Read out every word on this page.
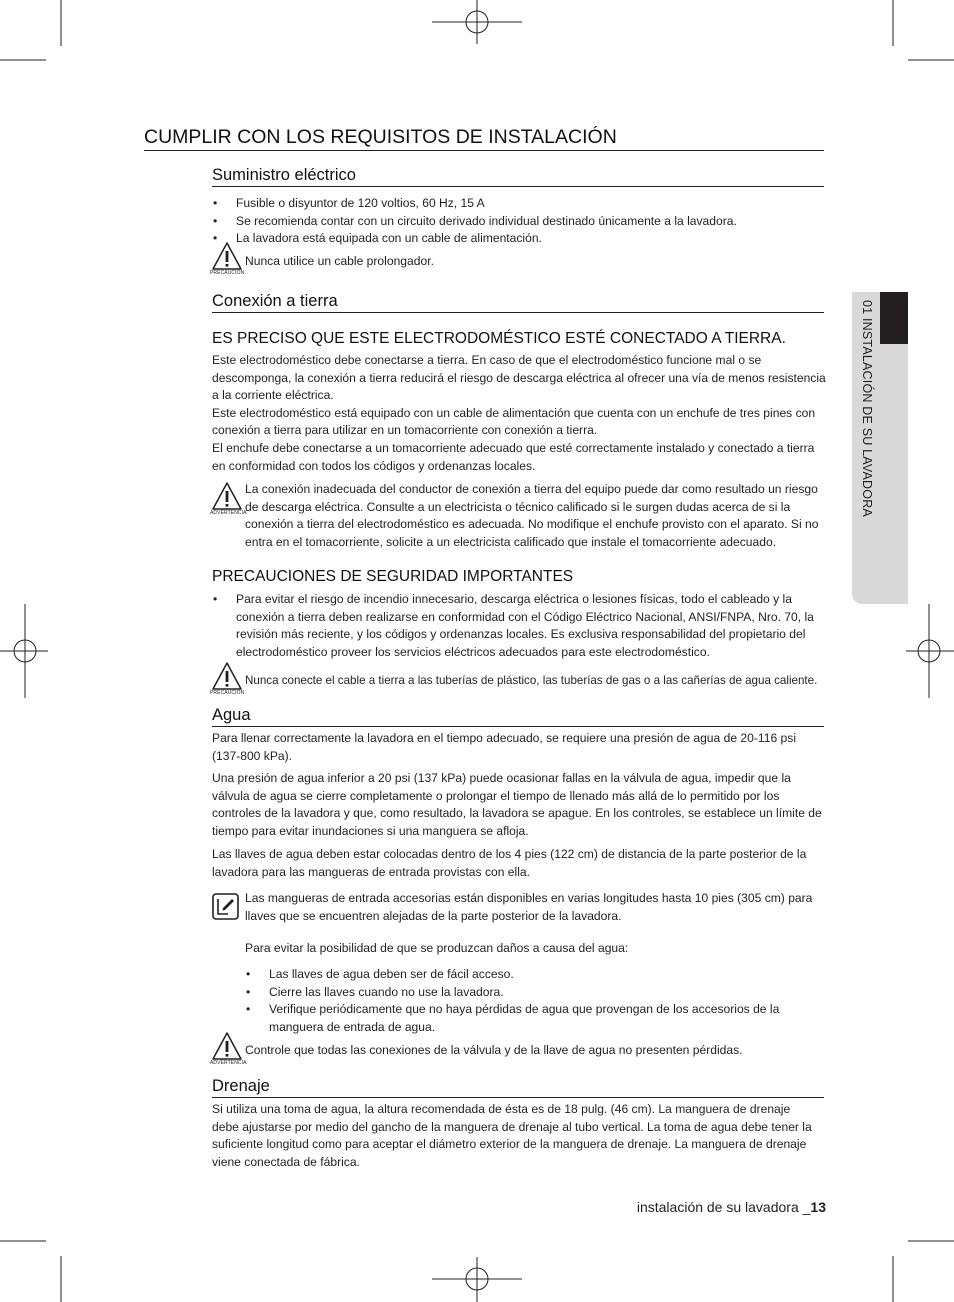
01 INSTALACIÓN DE SU LAVADORA
CUMPLIR CON LOS REQUISITOS DE INSTALACIÓN
Suministro eléctrico
• Fusible o disyuntor de 120 voltios, 60 Hz, 15 A
• Se recomienda contar con un circuito derivado individual destinado únicamente a la lavadora.
• La lavadora está equipada con un cable de alimentación.
PRECAUCIÓN
Nunca utilice un cable prolongador.
Conexión a tierra
ES PRECISO QUE ESTE ELECTRODOMÉSTICO ESTÉ CONECTADO A TIERRA.
Este electrodoméstico debe conectarse a tierra. En caso de que el electrodoméstico funcione mal o se
descomponga, la conexión a tierra reducirá el riesgo de descarga eléctrica al ofrecer una vía de menos resistencia
a la corriente eléctrica.
Este electrodoméstico está equipado con un cable de alimentación que cuenta con un enchufe de tres pines con
conexión a tierra para utilizar en un tomacorriente con conexión a tierra.
El enchufe debe conectarse a un tomacorriente adecuado que esté correctamente instalado y conectado a tierra
en conformidad con todos los códigos y ordenanzas locales.
ADVERTENCIA
La conexión inadecuada del conductor de conexión a tierra del equipo puede dar como resultado un riesgo
de descarga eléctrica. Consulte a un electricista o técnico calificado si le surgen dudas acerca de si la
conexión a tierra del electrodoméstico es adecuada. No modifique el enchufe provisto con el aparato. Si no
entra en el tomacorriente, solicite a un electricista calificado que instale el tomacorriente adecuado.
PRECAUCIONES DE SEGURIDAD IMPORTANTES
• Para evitar el riesgo de incendio innecesario, descarga eléctrica o lesiones físicas, todo el cableado y la
conexión a tierra deben realizarse en conformidad con el Código Eléctrico Nacional, ANSI/FNPA, Nro. 70, la
revisión más reciente, y los códigos y ordenanzas locales. Es exclusiva responsabilidad del propietario del
electrodoméstico proveer los servicios eléctricos adecuados para este electrodoméstico.
PRECAUCIÓN
Nunca conecte el cable a tierra a las tuberías de plástico, las tuberías de gas o a las cañerías de agua caliente.
Agua
Para llenar correctamente la lavadora en el tiempo adecuado, se requiere una presión de agua de 20-116 psi
(137-800 kPa).
Una presión de agua inferior a 20 psi (137 kPa) puede ocasionar fallas en la válvula de agua, impedir que la
válvula de agua se cierre completamente o prolongar el tiempo de llenado más allá de lo permitido por los
controles de la lavadora y que, como resultado, la lavadora se apague. En los controles, se establece un límite de
tiempo para evitar inundaciones si una manguera se afloja.
Las llaves de agua deben estar colocadas dentro de los 4 pies (122 cm) de distancia de la parte posterior de la
lavadora para las mangueras de entrada provistas con ella.
Las mangueras de entrada accesorias están disponibles en varias longitudes hasta 10 pies (305 cm) para
llaves que se encuentren alejadas de la parte posterior de la lavadora.
Para evitar la posibilidad de que se produzcan daños a causa del agua:
• Las llaves de agua deben ser de fácil acceso.
• Cierre las llaves cuando no use la lavadora.
• Verifique periódicamente que no haya pérdidas de agua que provengan de los accesorios de la
manguera de entrada de agua.
ADVERTENCIA
Controle que todas las conexiones de la válvula y de la llave de agua no presenten pérdidas.
Drenaje
Si utiliza una toma de agua, la altura recomendada de ésta es de 18 pulg. (46 cm). La manguera de drenaje
debe ajustarse por medio del gancho de la manguera de drenaje al tubo vertical. La toma de agua debe tener la
suficiente longitud como para aceptar el diámetro exterior de la manguera de drenaje. La manguera de drenaje
viene conectada de fábrica.
instalación de su lavadora _13
